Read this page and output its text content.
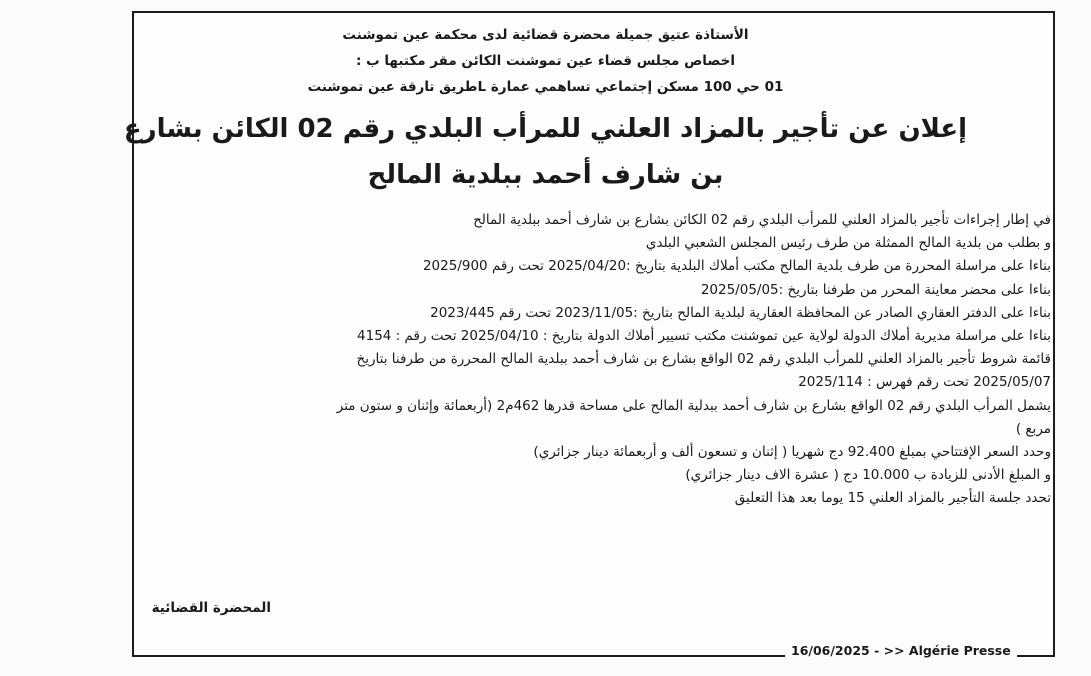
الأستاذة عتيق جميلة محضرة قضائية لدى محكمة عين تموشنت

اخصاص مجلس قضاء عين تموشنت الكائن مقر مكتبها ب :

01 حي 100 مسكن إجتماعي تساهمي عمارة Lطريق تارقة عين تموشنت

إعلان عن تأجير بالمزاد العلني للمرأب البلدي رقم 02 الكائن بشارع

بن شارف أحمد ببلدية المالح

في إطار إجراءات تأجير بالمزاد العلني للمرأب البلدي رقم 02 الكائن بشارع بن شارف أحمد ببلدية المالح

و بطلب من بلدية المالح الممثلة من طرف رئيس المجلس الشعبي البلدي

بناءا على مراسلة المحررة من طرف بلدية المالح مكتب أملاك البلدية بتاريخ :2025/04/20 تحت رقم 2025/900

بناءا على محضر معاينة المحرر من طرفنا بتاريخ :2025/05/05

بناءا على الدفتر العقاري الصادر عن المحافظة العقارية لبلدية المالح بتاريخ :2023/11/05 تحت رقم 2023/445

بناءا على مراسلة مديرية أملاك الدولة لولاية عين تموشنت مكتب تسيير أملاك الدولة بتاريخ : 2025/04/10 تحت رقم : 4154

قائمة شروط تأجير بالمزاد العلني للمرأب البلدي رقم 02 الواقع بشارع بن شارف أحمد ببلدية المالح المحررة من طرفنا بتاريخ

2025/05/07 تحت رقم فهرس : 2025/114

يشمل المرأب البلدي رقم 02 الواقع بشارع بن شارف أحمد ببدلية المالح على مساحة قدرها 462م2 (أربعمائة وإثنان و ستون متر

مربع )

وحدد السعر الإفتتاحي بمبلغ 92.400 دج شهريا ( إثنان و تسعون ألف و أربعمائة دينار جزائري)

و المبلغ الأدنى للزيادة ب 10.000 دج ( عشرة الاف دينار جزائري)

تحدد جلسة التأجير بالمزاد العلني 15 يوما بعد هذا التعليق

المحضرة القضائية
16/06/2025 - >> Algérie Presse
